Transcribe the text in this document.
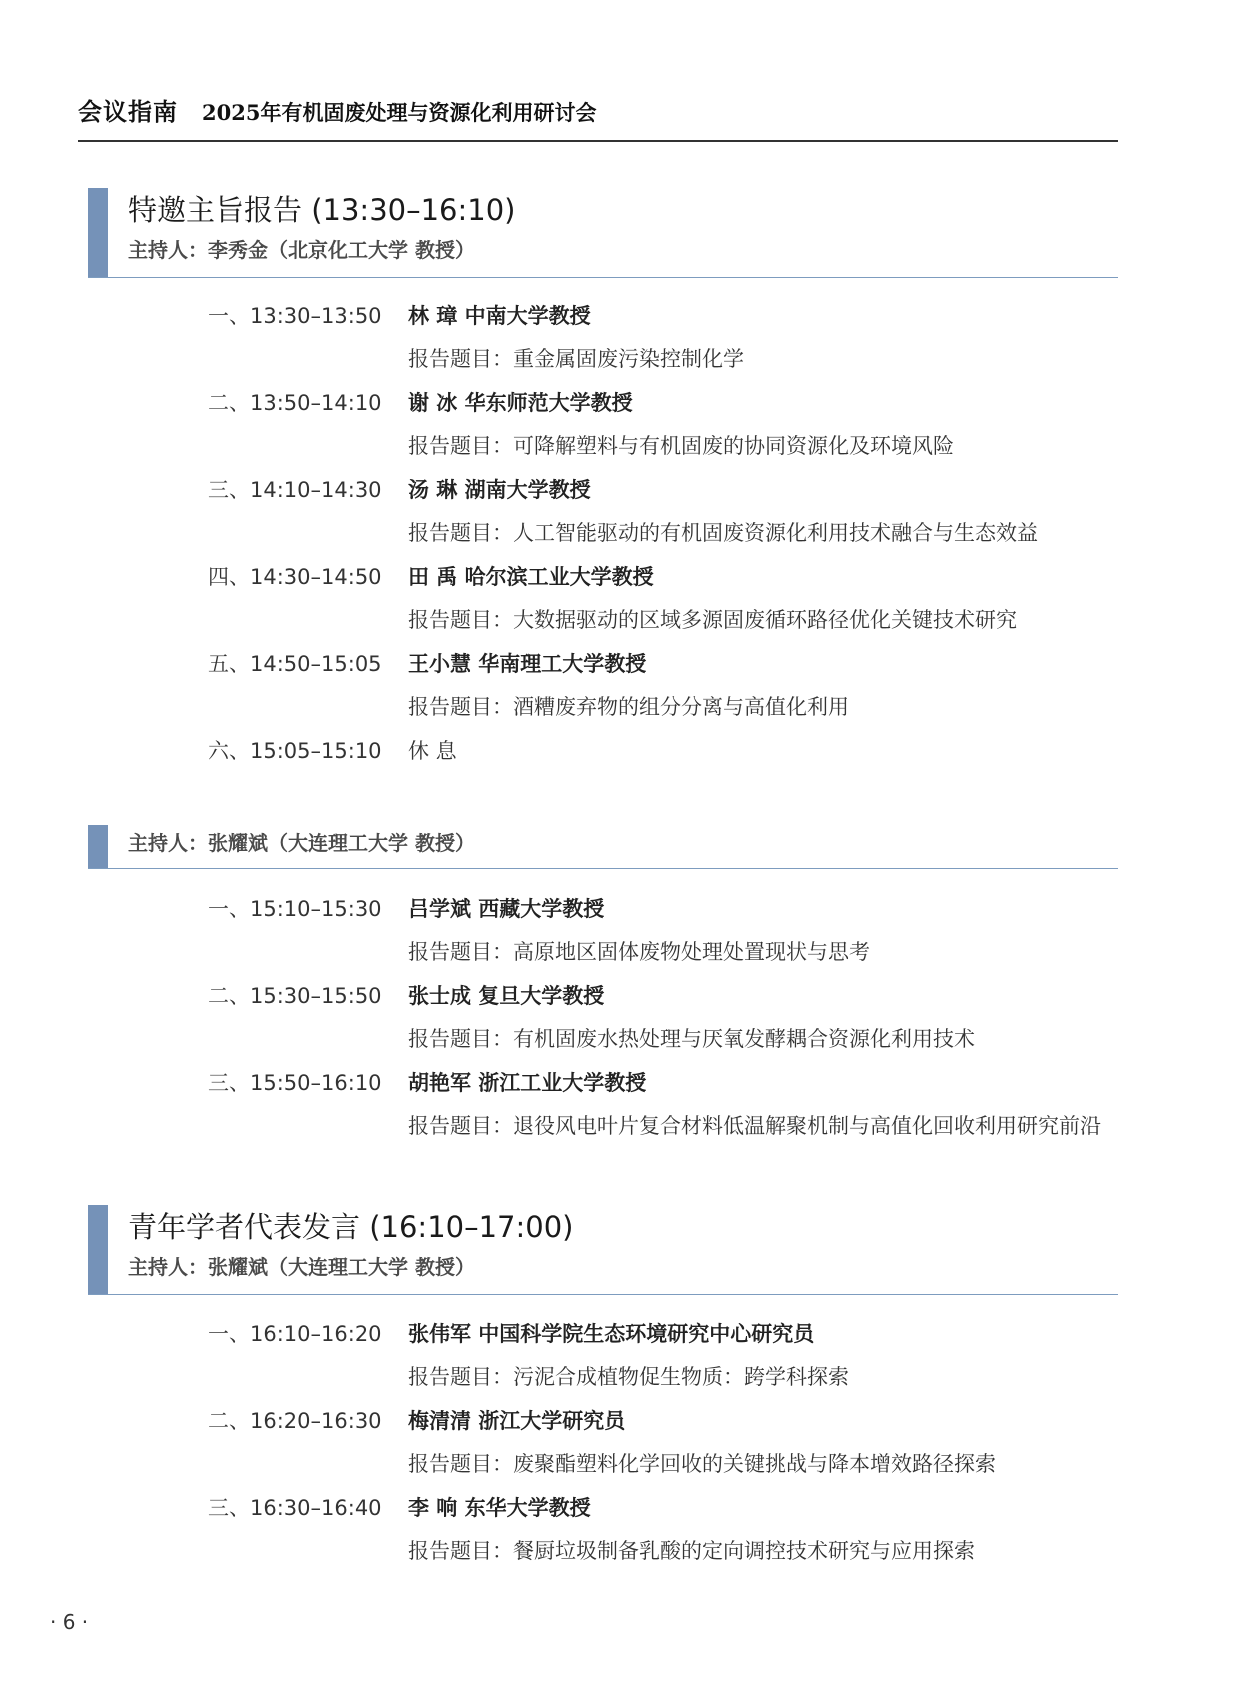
会议指南 2025年有机固废处理与资源化利用研讨会
特邀主旨报告 (13:30–16:10)
主持人：李秀金（北京化工大学 教授）
一、13:30–13:50 林 璋 中南大学教授
报告题目：重金属固废污染控制化学
二、13:50–14:10 谢 冰 华东师范大学教授
报告题目：可降解塑料与有机固废的协同资源化及环境风险
三、14:10–14:30 汤 琳 湖南大学教授
报告题目：人工智能驱动的有机固废资源化利用技术融合与生态效益
四、14:30–14:50 田 禹 哈尔滨工业大学教授
报告题目：大数据驱动的区域多源固废循环路径优化关键技术研究
五、14:50–15:05 王小慧 华南理工大学教授
报告题目：酒糟废弃物的组分分离与高值化利用
六、15:05–15:10 休 息
主持人：张耀斌（大连理工大学 教授）
一、15:10–15:30 吕学斌 西藏大学教授
报告题目：高原地区固体废物处理处置现状与思考
二、15:30–15:50 张士成 复旦大学教授
报告题目：有机固废水热处理与厌氧发酵耦合资源化利用技术
三、15:50–16:10 胡艳军 浙江工业大学教授
报告题目：退役风电叶片复合材料低温解聚机制与高值化回收利用研究前沿
青年学者代表发言 (16:10–17:00)
主持人：张耀斌（大连理工大学 教授）
一、16:10–16:20 张伟军 中国科学院生态环境研究中心研究员
报告题目：污泥合成植物促生物质：跨学科探索
二、16:20–16:30 梅清清 浙江大学研究员
报告题目：废聚酯塑料化学回收的关键挑战与降本增效路径探索
三、16:30–16:40 李 响 东华大学教授
报告题目：餐厨垃圾制备乳酸的定向调控技术研究与应用探索
· 6 ·
